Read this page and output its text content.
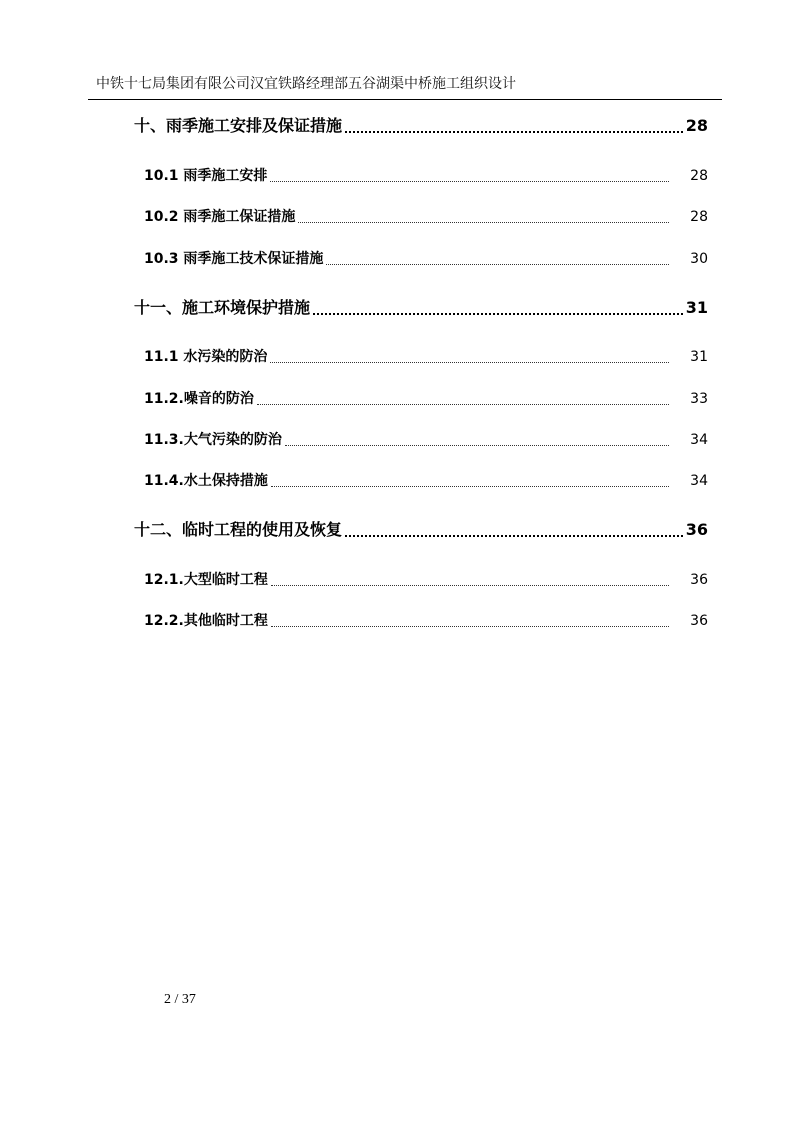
中铁十七局集团有限公司汉宜铁路经理部五谷湖渠中桥施工组织设计
十、雨季施工安排及保证措施	28
10.1 雨季施工安排	28
10.2 雨季施工保证措施	28
10.3 雨季施工技术保证措施	30
十一、施工环境保护措施	31
11.1 水污染的防治	31
11.2.噪音的防治	33
11.3.大气污染的防治	34
11.4.水土保持措施	34
十二、临时工程的使用及恢复	36
12.1.大型临时工程	36
12.2.其他临时工程	36
2 / 37
